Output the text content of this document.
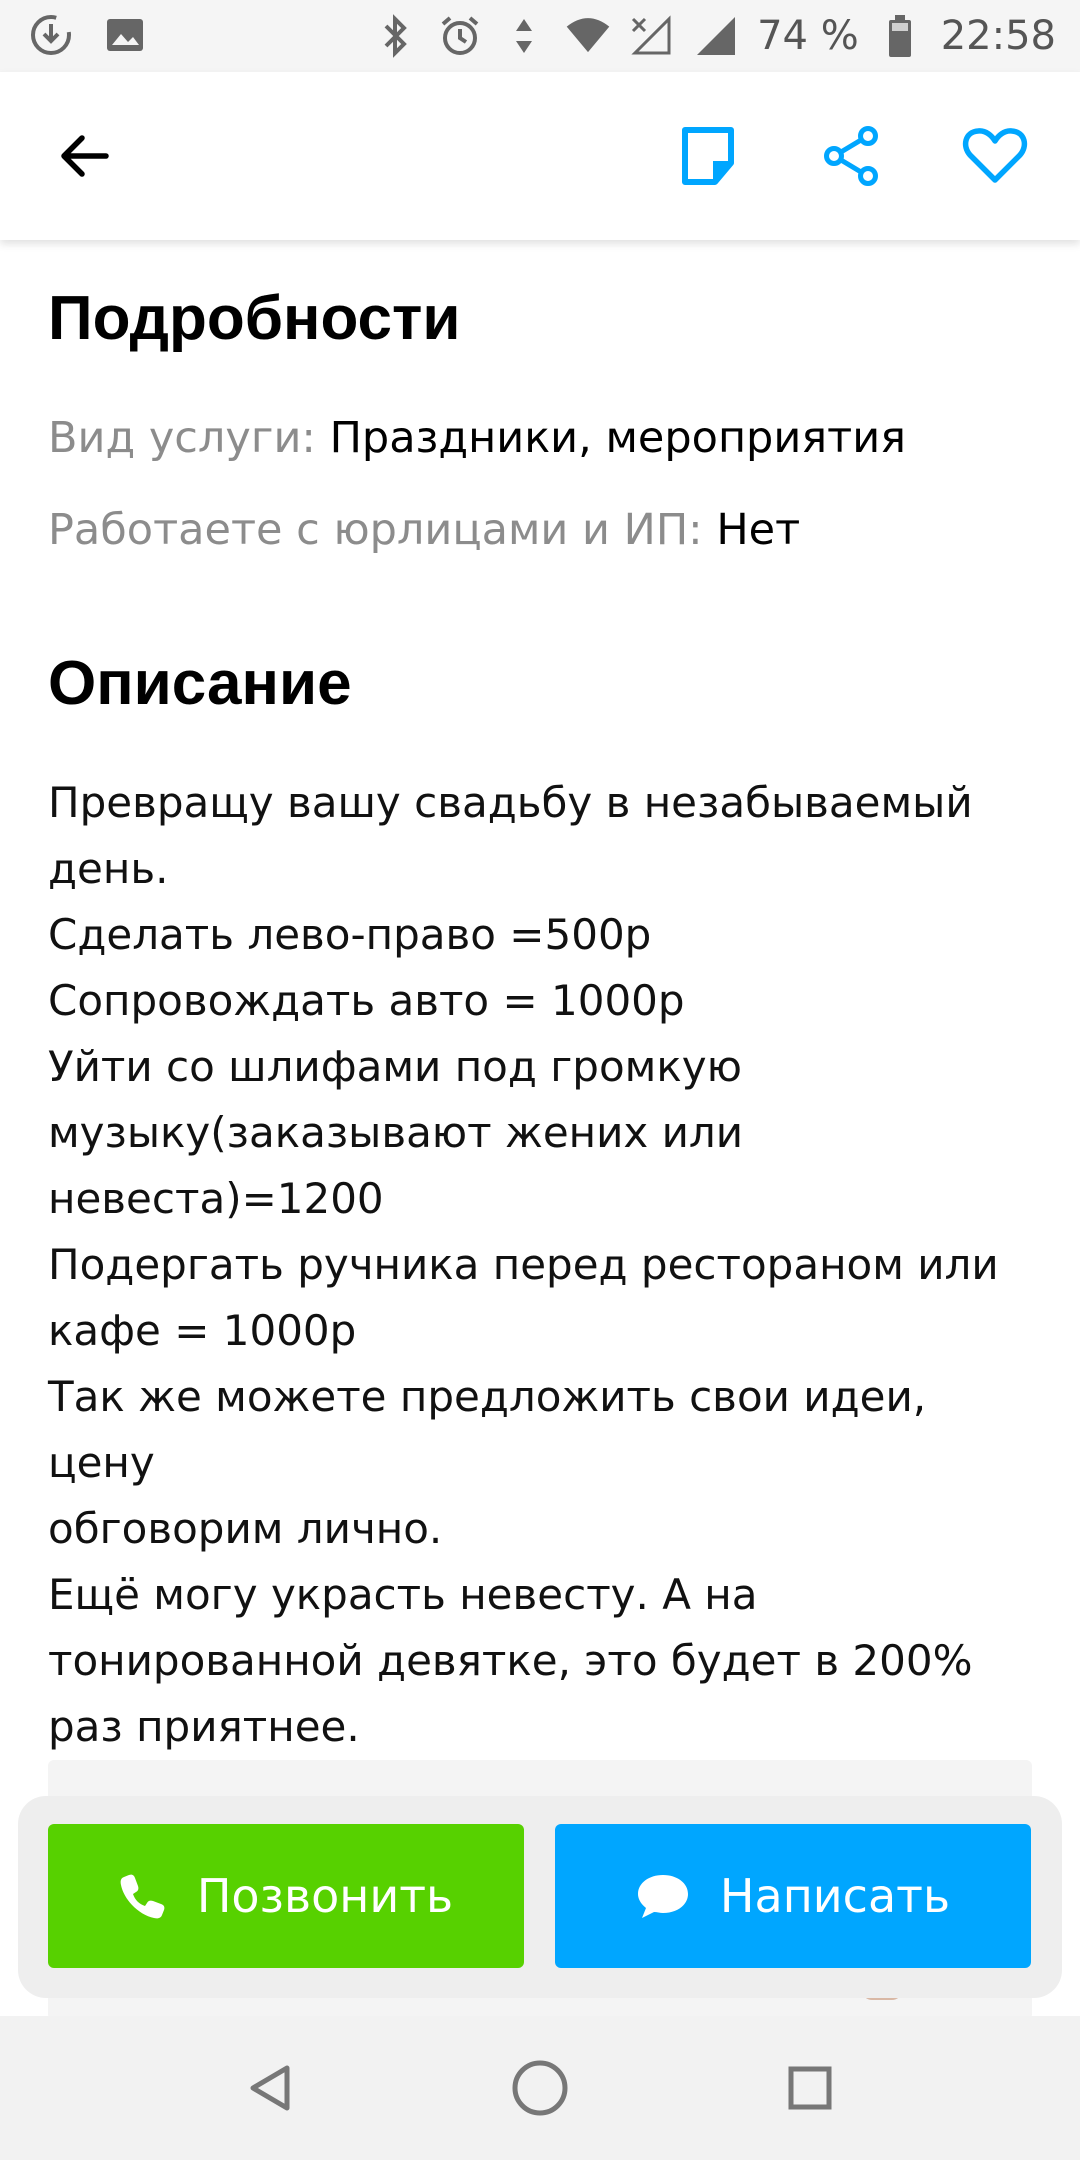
74 % 22:58
Подробности
Вид услуги: Праздники, мероприятия
Работаете с юрлицами и ИП: Нет
Описание
Превращу вашу свадьбу в незабываемый
день.
Сделать лево-право =500р
Сопровождать авто = 1000р
Уйти со шлифами под громкую
музыку(заказывают жених или
невеста)=1200
Подергать ручника перед рестораном или
кафе = 1000р
Так же можете предложить свои идеи, цену
обговорим лично.
Ещё могу украсть невесту. А на
тонированной девятке, это будет в 200%
раз приятнее.
Позвонить	Написать
